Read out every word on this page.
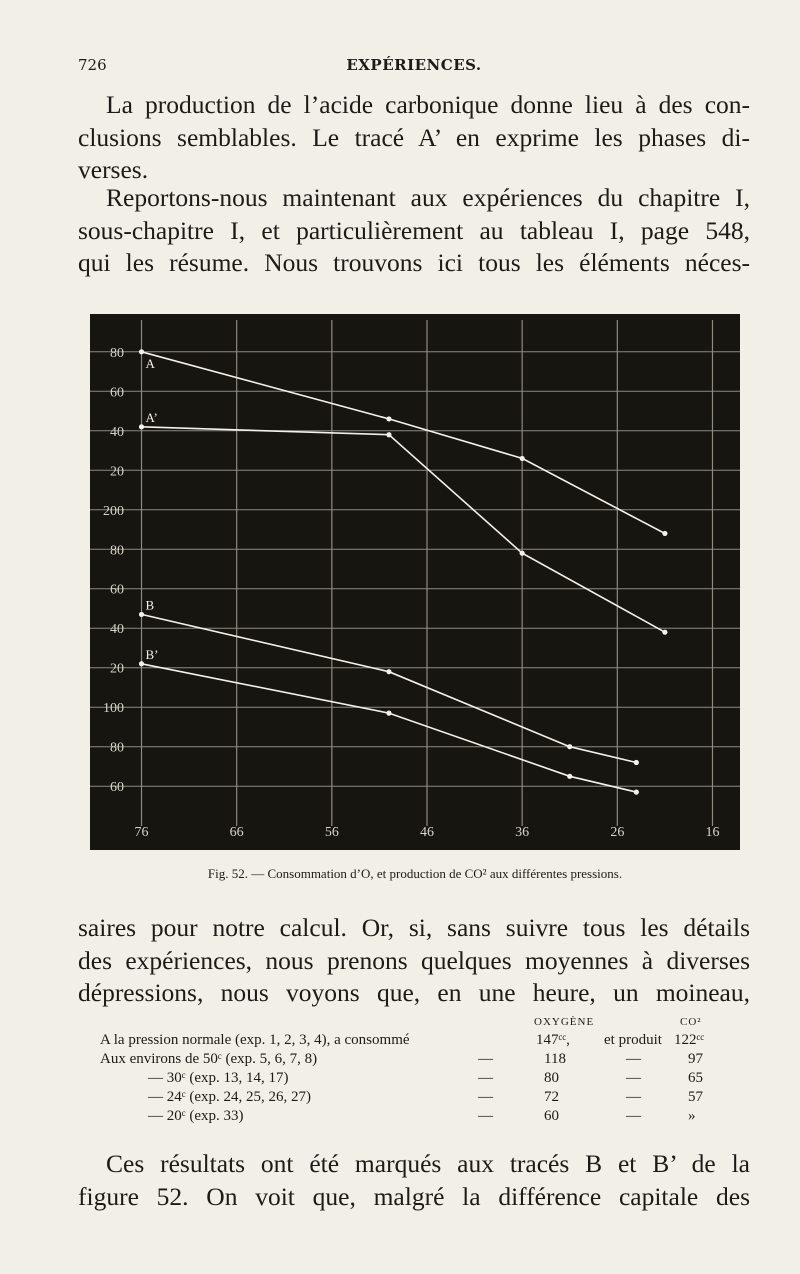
726	EXPÉRIENCES.
La production de l’acide carbonique donne lieu à des con-
clusions semblables. Le tracé A’ en exprime les phases di-
verses.
Reportons-nous maintenant aux expériences du chapitre I,
sous-chapitre I, et particulièrement au tableau I, page 548,
qui les résume. Nous trouvons ici tous les éléments néces-
76	66	56	46	36	26	16
80
60
40
20
200
80
60
40
20
100
80
60
A
A’
B
B’
Fig. 52. — Consommation d’O, et production de CO² aux différentes pressions.
saires pour notre calcul. Or, si, sans suivre tous les détails
des expériences, nous prenons quelques moyennes à diverses
dépressions, nous voyons que, en une heure, un moineau,
OXYGÈNE	CO²
A la pression normale (exp. 1, 2, 3, 4), a consommé	147ᶜᶜ, et produit 122ᶜᶜ
Aux environs de 50ᶜ (exp. 5, 6, 7, 8)	—	118	—	97
— 30ᶜ (exp. 13, 14, 17)	—	80	—	65
— 24ᶜ (exp. 24, 25, 26, 27)	—	72	—	57
— 20ᶜ (exp. 33)	—	60	—	»
Ces résultats ont été marqués aux tracés B et B’ de la
figure 52. On voit que, malgré la différence capitale des
